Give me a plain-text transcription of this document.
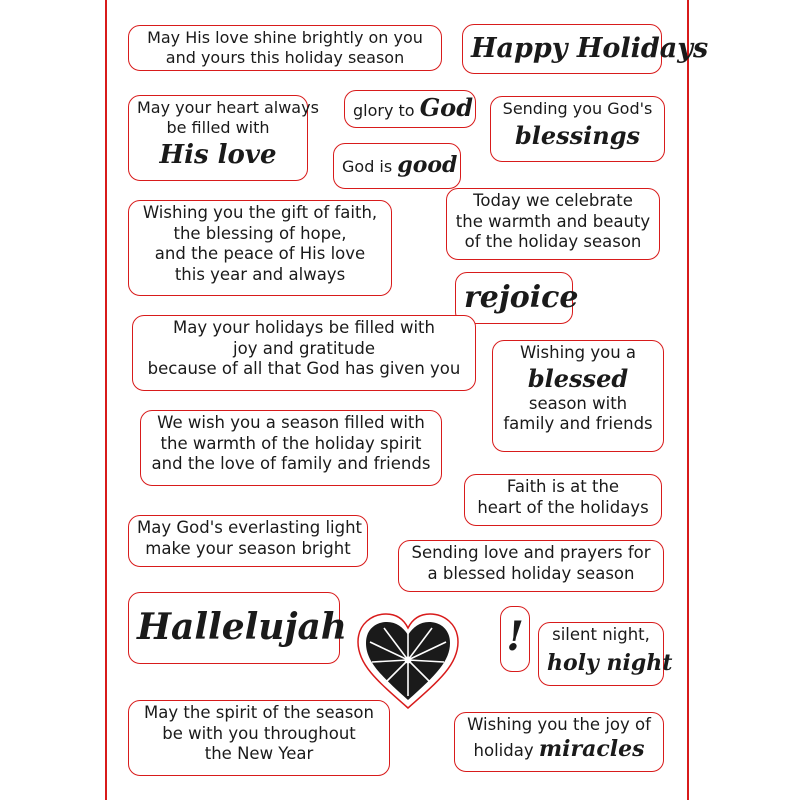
May His love shine brightly on you
and yours this holiday season	Happy Holidays
May your heart always
be filled with
His love
glory to God Sending you God's
blessings
God is good
Wishing you the gift of faith,
the blessing of hope,
and the peace of His love
this year and always
Today we celebrate
the warmth and beauty
of the holiday season
rejoice
May your holidays be filled with
joy and gratitude
because of all that God has given you
Wishing you a
blessed
season with
family and friends
We wish you a season filled with
the warmth of the holiday spirit
and the love of family and friends
Faith is at the
heart of the holidays
May God's everlasting light
make your season bright	Sending love and prayers for
a blessed holiday season
Hallelujah	!	silent night,
holy night
May the spirit of the season
be with you throughout
the New Year
Wishing you the joy of
holiday miracles
